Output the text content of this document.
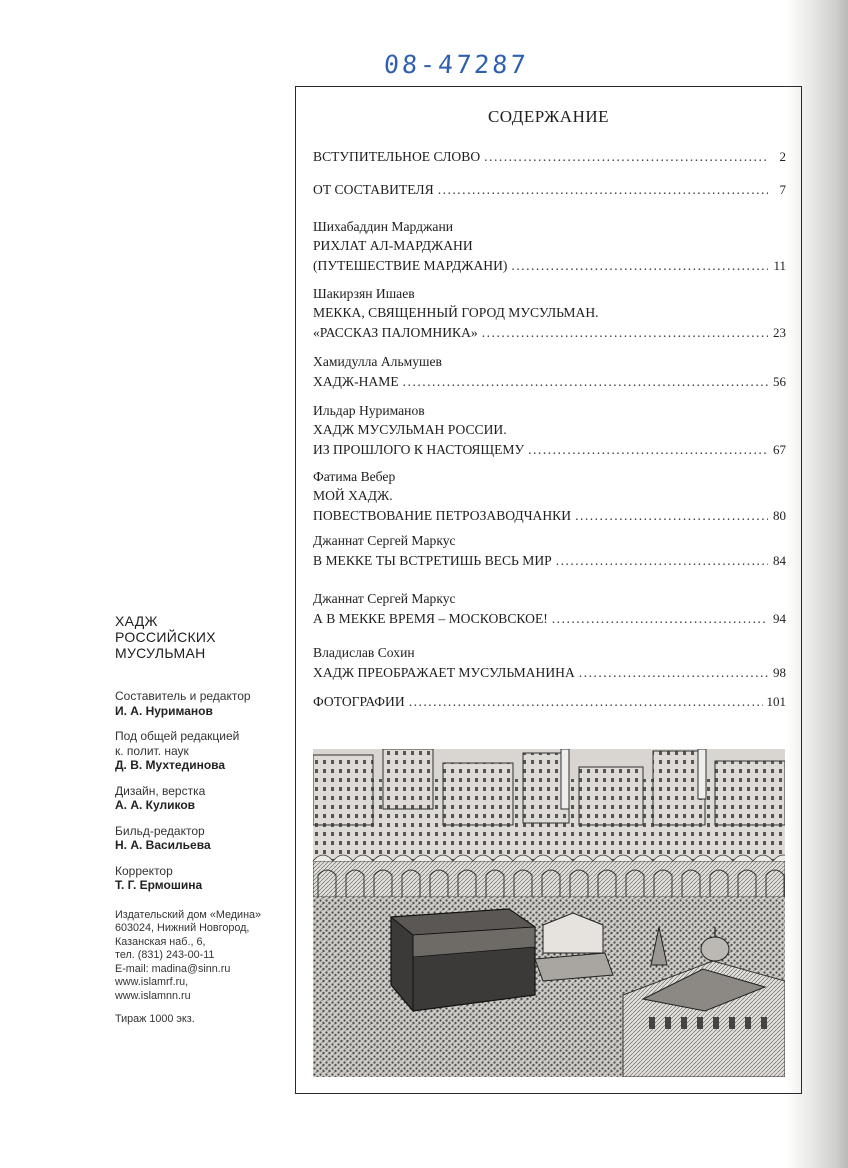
08-47287
СОДЕРЖАНИЕ
ВСТУПИТЕЛЬНОЕ СЛОВО .....	2
ОТ СОСТАВИТЕЛЯ .....	7
Шихабаддин Марджани
РИХЛАТ АЛ-МАРДЖАНИ
(ПУТЕШЕСТВИЕ МАРДЖАНИ) .....	11
Шакирзян Ишаев
МЕККА, СВЯЩЕННЫЙ ГОРОД МУСУЛЬМАН.
«РАССКАЗ ПАЛОМНИКА» .....	23
Хамидулла Альмушев
ХАДЖ-НАМЕ .....	56
Ильдар Нуриманов
ХАДЖ МУСУЛЬМАН РОССИИ.
ИЗ ПРОШЛОГО К НАСТОЯЩЕМУ .....	67
Фатима Вебер
МОЙ ХАДЖ.
ПОВЕСТВОВАНИЕ ПЕТРОЗАВОДЧАНКИ .....	80
Джаннат Сергей Маркус
В МЕККЕ ТЫ ВСТРЕТИШЬ ВЕСЬ МИР .....	84
Джаннат Сергей Маркус
А В МЕККЕ ВРЕМЯ – МОСКОВСКОЕ! .....	94
Владислав Сохин
ХАДЖ ПРЕОБРАЖАЕТ МУСУЛЬМАНИНА .....	98
ФОТОГРАФИИ .....	101
ХАДЖ
РОССИЙСКИХ
МУСУЛЬМАН
Составитель и редактор
И. А. Нуриманов
Под общей редакцией
к. полит. наук
Д. В. Мухтединова
Дизайн, верстка
А. А. Куликов
Бильд-редактор
Н. А. Васильева
Корректор
Т. Г. Ермошина
Издательский дом «Медина»
603024, Нижний Новгород,
Казанская наб., 6,
тел. (831) 243-00-11
E-mail: madina@sinn.ru
www.islamrf.ru,
www.islamnn.ru
Тираж 1000 экз.
